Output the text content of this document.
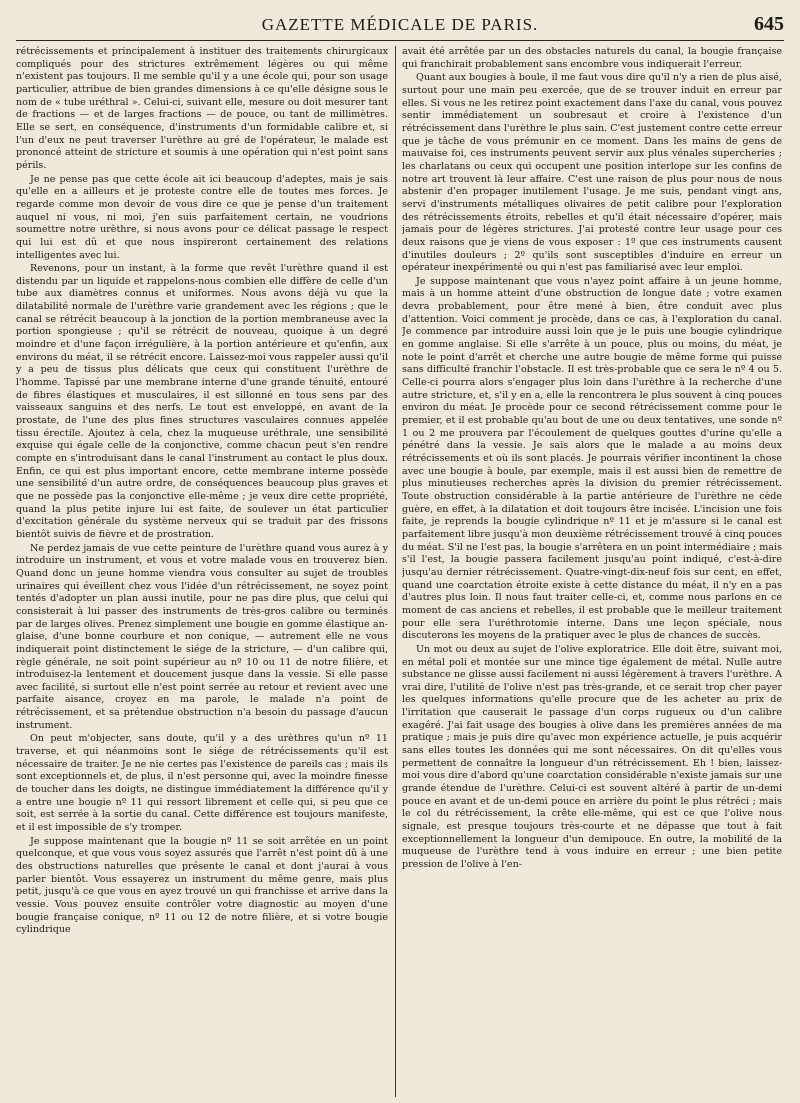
GAZETTE MÉDICALE DE PARIS.	645

rétrécissements et principalement à instituer des traitements chirurgicaux compliqués pour des strictures extrêmement légères ou qui même n'existent pas toujours. Il me semble qu'il y a une école qui, pour son usage particulier, attribue de bien grandes dimensions à ce qu'elle désigne sous le nom de « tube uréthral ». Celui-ci, suivant elle, mesure ou doit mesurer tant de fractions — et de larges fractions — de pouce, ou tant de millimètres. Elle se sert, en conséquence, d'instruments d'un formidable calibre et, si l'un d'eux ne peut traverser l'urèthre au gré de l'opérateur, le malade est prononcé atteint de stricture et soumis à une opération qui n'est point sans périls.

Je ne pense pas que cette école ait ici beaucoup d'adeptes, mais je sais qu'elle en a ailleurs et je proteste contre elle de toutes mes forces. Je regarde comme mon devoir de vous dire ce que je pense d'un traitement auquel ni vous, ni moi, j'en suis parfaitement certain, ne voudrions soumettre notre urèthre, si nous avons pour ce délicat passage le respect qui lui est dû et que nous inspireront certainement des relations intelligentes avec lui.

Revenons, pour un instant, à la forme que revêt l'urèthre quand il est distendu par un liquide et rappelons-nous combien elle diffère de celle d'un tube aux diamètres connus et uniformes. Nous avons déjà vu que la dilatabilité normale de l'urèthre varie grandement avec les régions ; que le canal se rétrécit beaucoup à la jonction de la portion membraneuse avec la portion spongieuse ; qu'il se rétrécit de nouveau, quoique à un degré moindre et d'une façon irrégulière, à la portion antérieure et qu'enfin, aux environs du méat, il se rétrécit encore. Laissez-moi vous rappeler aussi qu'il y a peu de tissus plus délicats que ceux qui constituent l'urèthre de l'homme. Tapissé par une membrane interne d'une grande ténuité, entouré de fibres élastiques et musculaires, il est sillonné en tous sens par des vaisseaux sanguins et des nerfs. Le tout est enveloppé, en avant de la prostate, de l'une des plus fines structures vasculaires connues appelée tissu érectile. Ajoutez à cela, chez la muqueuse uréthrale, une sensibilité exquise qui égale celle de la conjonctive, comme chacun peut s'en rendre compte en s'introduisant dans le canal l'instrument au contact le plus doux. Enfin, ce qui est plus important encore, cette membrane interne possède une sensibilité d'un autre ordre, de conséquences beaucoup plus graves et que ne possède pas la conjonctive elle-même ; je veux dire cette propriété, quand la plus petite injure lui est faite, de soulever un état particulier d'excitation générale du système nerveux qui se traduit par des frissons bientôt suivis de fièvre et de prostration.

Ne perdez jamais de vue cette peinture de l'urèthre quand vous aurez à y introduire un instrument, et vous et votre malade vous en trouverez bien. Quand donc un jeune homme viendra vous consulter au sujet de troubles urinaires qui éveillent chez vous l'idée d'un rétrécissement, ne soyez point tentés d'adopter un plan aussi inutile, pour ne pas dire plus, que celui qui consisterait à lui passer des instruments de très-gros calibre ou terminés par de larges olives. Prenez simplement une bougie en gomme élastique anglaise, d'une bonne courbure et non conique, — autrement elle ne vous indiquerait point distinctement le siége de la stricture, — d'un calibre qui, règle générale, ne soit point supérieur au nº 10 ou 11 de notre filière, et introduisez-la lentement et doucement jusque dans la vessie. Si elle passe avec facilité, si surtout elle n'est point serrée au retour et revient avec une parfaite aisance, croyez en ma parole, le malade n'a point de rétrécissement, et sa prétendue obstruction n'a besoin du passage d'aucun instrument.

On peut m'objecter, sans doute, qu'il y a des urèthres qu'un nº 11 traverse, et qui néanmoins sont le siége de rétrécissements qu'il est nécessaire de traiter. Je ne nie certes pas l'existence de pareils cas ; mais ils sont exceptionnels et, de plus, il n'est personne qui, avec la moindre finesse de toucher dans les doigts, ne distingue immédiatement la différence qu'il y a entre une bougie nº 11 qui ressort librement et celle qui, si peu que ce soit, est serrée à la sortie du canal. Cette différence est toujours manifeste, et il est impossible de s'y tromper.

Je suppose maintenant que la bougie nº 11 se soit arrêtée en un point quelconque, et que vous vous soyez assurés que l'arrêt n'est point dû à une des obstructions naturelles que présente le canal et dont j'aurai à vous parler bientôt. Vous essayerez un instrument du même genre, mais plus petit, jusqu'à ce que vous en ayez trouvé un qui franchisse et arrive dans la vessie. Vous pouvez ensuite contrôler votre diagnostic au moyen d'une bougie française conique, nº 11 ou 12 de notre filière, et si votre bougie cylindrique

avait été arrêtée par un des obstacles naturels du canal, la bougie française qui franchirait probablement sans encombre vous indiquerait l'erreur.

Quant aux bougies à boule, il me faut vous dire qu'il n'y a rien de plus aisé, surtout pour une main peu exercée, que de se trouver induit en erreur par elles. Si vous ne les retirez point exactement dans l'axe du canal, vous pouvez sentir immédiatement un soubresaut et croire à l'existence d'un rétrécissement dans l'urèthre le plus sain. C'est justement contre cette erreur que je tâche de vous prémunir en ce moment. Dans les mains de gens de mauvaise foi, ces instruments peuvent servir aux plus vénales supercheries ; les charlatans ou ceux qui occupent une position interlope sur les confins de notre art trouvent là leur affaire. C'est une raison de plus pour nous de nous abstenir d'en propager inutilement l'usage. Je me suis, pendant vingt ans, servi d'instruments métalliques olivaires de petit calibre pour l'exploration des rétrécissements étroits, rebelles et qu'il était nécessaire d'opérer, mais jamais pour de légères strictures. J'ai protesté contre leur usage pour ces deux raisons que je viens de vous exposer : 1º que ces instruments causent d'inutiles douleurs ; 2º qu'ils sont susceptibles d'induire en erreur un opérateur inexpérimenté ou qui n'est pas familiarisé avec leur emploi.

Je suppose maintenant que vous n'ayez point affaire à un jeune homme, mais à un homme atteint d'une obstruction de longue date ; votre examen devra probablement, pour être mené à bien, être conduit avec plus d'attention. Voici comment je procède, dans ce cas, à l'exploration du canal. Je commence par introduire aussi loin que je le puis une bougie cylindrique en gomme anglaise. Si elle s'arrête à un pouce, plus ou moins, du méat, je note le point d'arrêt et cherche une autre bougie de même forme qui puisse sans difficulté franchir l'obstacle. Il est très-probable que ce sera le nº 4 ou 5. Celle-ci pourra alors s'engager plus loin dans l'urèthre à la recherche d'une autre stricture, et, s'il y en a, elle la rencontrera le plus souvent à cinq pouces environ du méat. Je procède pour ce second rétrécissement comme pour le premier, et il est probable qu'au bout de une ou deux tentatives, une sonde nº 1 ou 2 me prouvera par l'écoulement de quelques gouttes d'urine qu'elle a pénétré dans la vessie. Je sais alors que le malade a au moins deux rétrécissements et où ils sont placés. Je pourrais vérifier incontinent la chose avec une bougie à boule, par exemple, mais il est aussi bien de remettre de plus minutieuses recherches après la division du premier rétrécissement. Toute obstruction considérable à la partie antérieure de l'urèthre ne cède guère, en effet, à la dilatation et doit toujours être incisée. L'incision une fois faite, je reprends la bougie cylindrique nº 11 et je m'assure si le canal est parfaitement libre jusqu'à mon deuxième rétrécissement trouvé à cinq pouces du méat. S'il ne l'est pas, la bougie s'arrêtera en un point intermédiaire ; mais s'il l'est, la bougie passera facilement jusqu'au point indiqué, c'est-à-dire jusqu'au dernier rétrécissement. Quatre-vingt-dix-neuf fois sur cent, en effet, quand une coarctation étroite existe à cette distance du méat, il n'y en a pas d'autres plus loin. Il nous faut traiter celle-ci, et, comme nous parlons en ce moment de cas anciens et rebelles, il est probable que le meilleur traitement pour elle sera l'uréthrotomie interne. Dans une leçon spéciale, nous discuterons les moyens de la pratiquer avec le plus de chances de succès.

Un mot ou deux au sujet de l'olive exploratrice. Elle doit être, suivant moi, en métal poli et montée sur une mince tige également de métal. Nulle autre substance ne glisse aussi facilement ni aussi légèrement à travers l'urèthre. A vrai dire, l'utilité de l'olive n'est pas très-grande, et ce serait trop cher payer les quelques informations qu'elle procure que de les acheter au prix de l'irritation que causerait le passage d'un corps rugueux ou d'un calibre exagéré. J'ai fait usage des bougies à olive dans les premières années de ma pratique ; mais je puis dire qu'avec mon expérience actuelle, je puis acquérir sans elles toutes les données qui me sont nécessaires. On dit qu'elles vous permettent de connaître la longueur d'un rétrécissement. Eh ! bien, laissez-moi vous dire d'abord qu'une coarctation considérable n'existe jamais sur une grande étendue de l'urèthre. Celui-ci est souvent altéré à partir de un-demi pouce en avant et de un-demi pouce en arrière du point le plus rétréci ; mais le col du rétrécissement, la crête elle-même, qui est ce que l'olive nous signale, est presque toujours très-courte et ne dépasse que tout à fait exceptionnellement la longueur d'un demipouce. En outre, la mobilité de la muqueuse de l'urèthre tend à vous induire en erreur ; une bien petite pression de l'olive à l'en-
